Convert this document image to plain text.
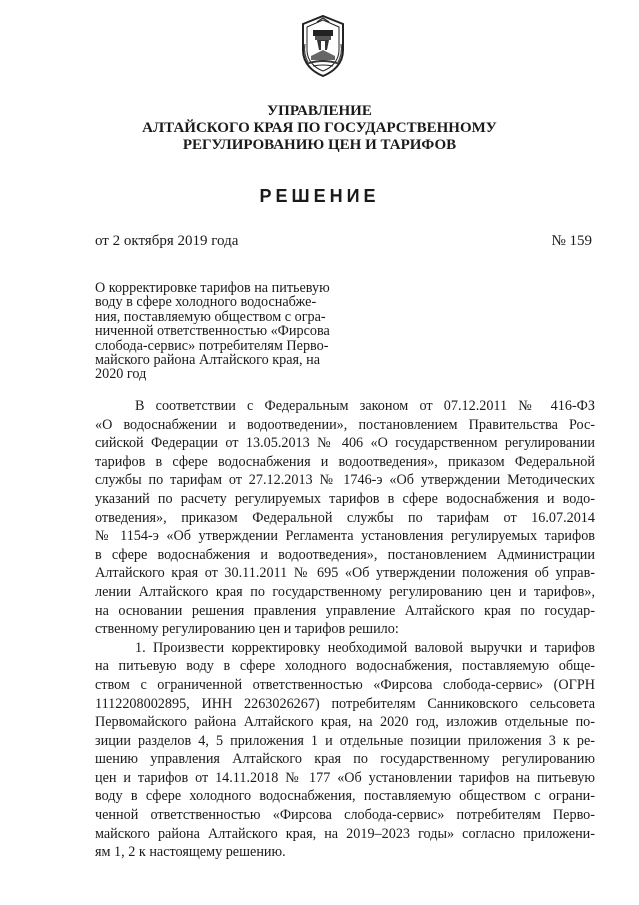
УПРАВЛЕНИЕ
АЛТАЙСКОГО КРАЯ ПО ГОСУДАРСТВЕННОМУ
РЕГУЛИРОВАНИЮ ЦЕН И ТАРИФОВ
РЕШЕНИЕ
от 2 октября 2019 года	№ 159
О корректировке тарифов на питьевую
воду в сфере холодного водоснабже-
ния, поставляемую обществом с огра-
ниченной ответственностью «Фирсова
слобода-сервис» потребителям Перво-
майского района Алтайского края, на
2020 год
В соответствии с Федеральным законом от 07.12.2011 № 416-ФЗ
«О водоснабжении и водоотведении», постановлением Правительства Рос-
сийской Федерации от 13.05.2013 № 406 «О государственном регулировании
тарифов в сфере водоснабжения и водоотведения», приказом Федеральной
службы по тарифам от 27.12.2013 № 1746-э «Об утверждении Методических
указаний по расчету регулируемых тарифов в сфере водоснабжения и водо-
отведения», приказом Федеральной службы по тарифам от 16.07.2014
№ 1154-э «Об утверждении Регламента установления регулируемых тарифов
в сфере водоснабжения и водоотведения», постановлением Администрации
Алтайского края от 30.11.2011 № 695 «Об утверждении положения об управ-
лении Алтайского края по государственному регулированию цен и тарифов»,
на основании решения правления управление Алтайского края по государ-
ственному регулированию цен и тарифов решило:
1. Произвести корректировку необходимой валовой выручки и тарифов
на питьевую воду в сфере холодного водоснабжения, поставляемую обще-
ством с ограниченной ответственностью «Фирсова слобода-сервис» (ОГРН
1112208002895, ИНН 2263026267) потребителям Санниковского сельсовета
Первомайского района Алтайского края, на 2020 год, изложив отдельные по-
зиции разделов 4, 5 приложения 1 и отдельные позиции приложения 3 к ре-
шению управления Алтайского края по государственному регулированию
цен и тарифов от 14.11.2018 № 177 «Об установлении тарифов на питьевую
воду в сфере холодного водоснабжения, поставляемую обществом с ограни-
ченной ответственностью «Фирсова слобода-сервис» потребителям Перво-
майского района Алтайского края, на 2019–2023 годы» согласно приложени-
ям 1, 2 к настоящему решению.
